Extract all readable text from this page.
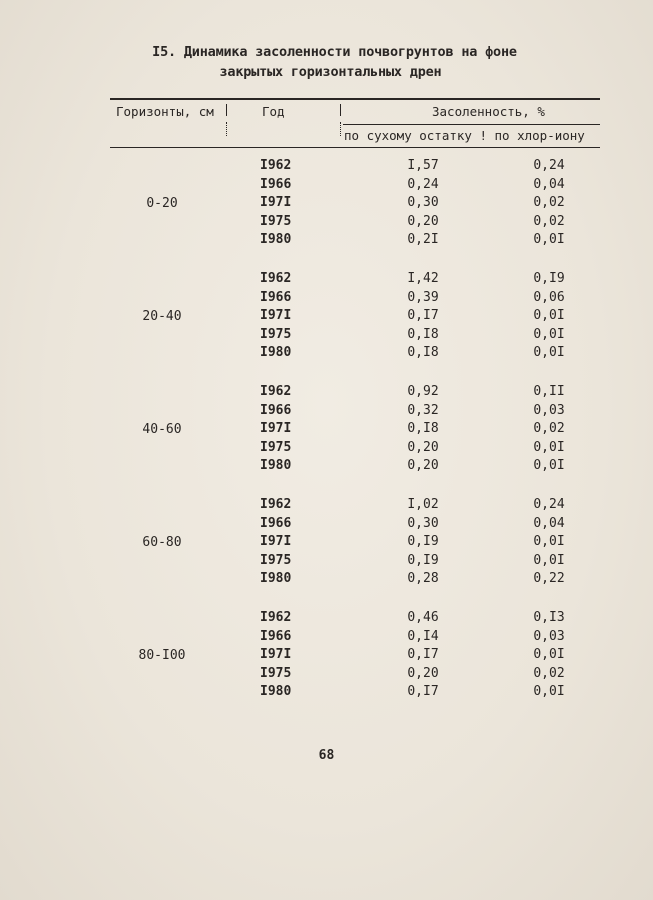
I5. Динамика засоленности почвогрунтов на фоне
закрытых горизонтальных дрен
Горизонты, см	Год	Засоленность, %
по сухому остатку ! по хлор-иону
0-20
I962	I,57	0,24
I966	0,24	0,04
I97I	0,30	0,02
I975	0,20	0,02
I980	0,2I	0,0I
20-40
I962	I,42	0,I9
I966	0,39	0,06
I97I	0,I7	0,0I
I975	0,I8	0,0I
I980	0,I8	0,0I
40-60
I962	0,92	0,II
I966	0,32	0,03
I97I	0,I8	0,02
I975	0,20	0,0I
I980	0,20	0,0I
60-80
I962	I,02	0,24
I966	0,30	0,04
I97I	0,I9	0,0I
I975	0,I9	0,0I
I980	0,28	0,22
80-I00
I962	0,46	0,I3
I966	0,I4	0,03
I97I	0,I7	0,0I
I975	0,20	0,02
I980	0,I7	0,0I
68
